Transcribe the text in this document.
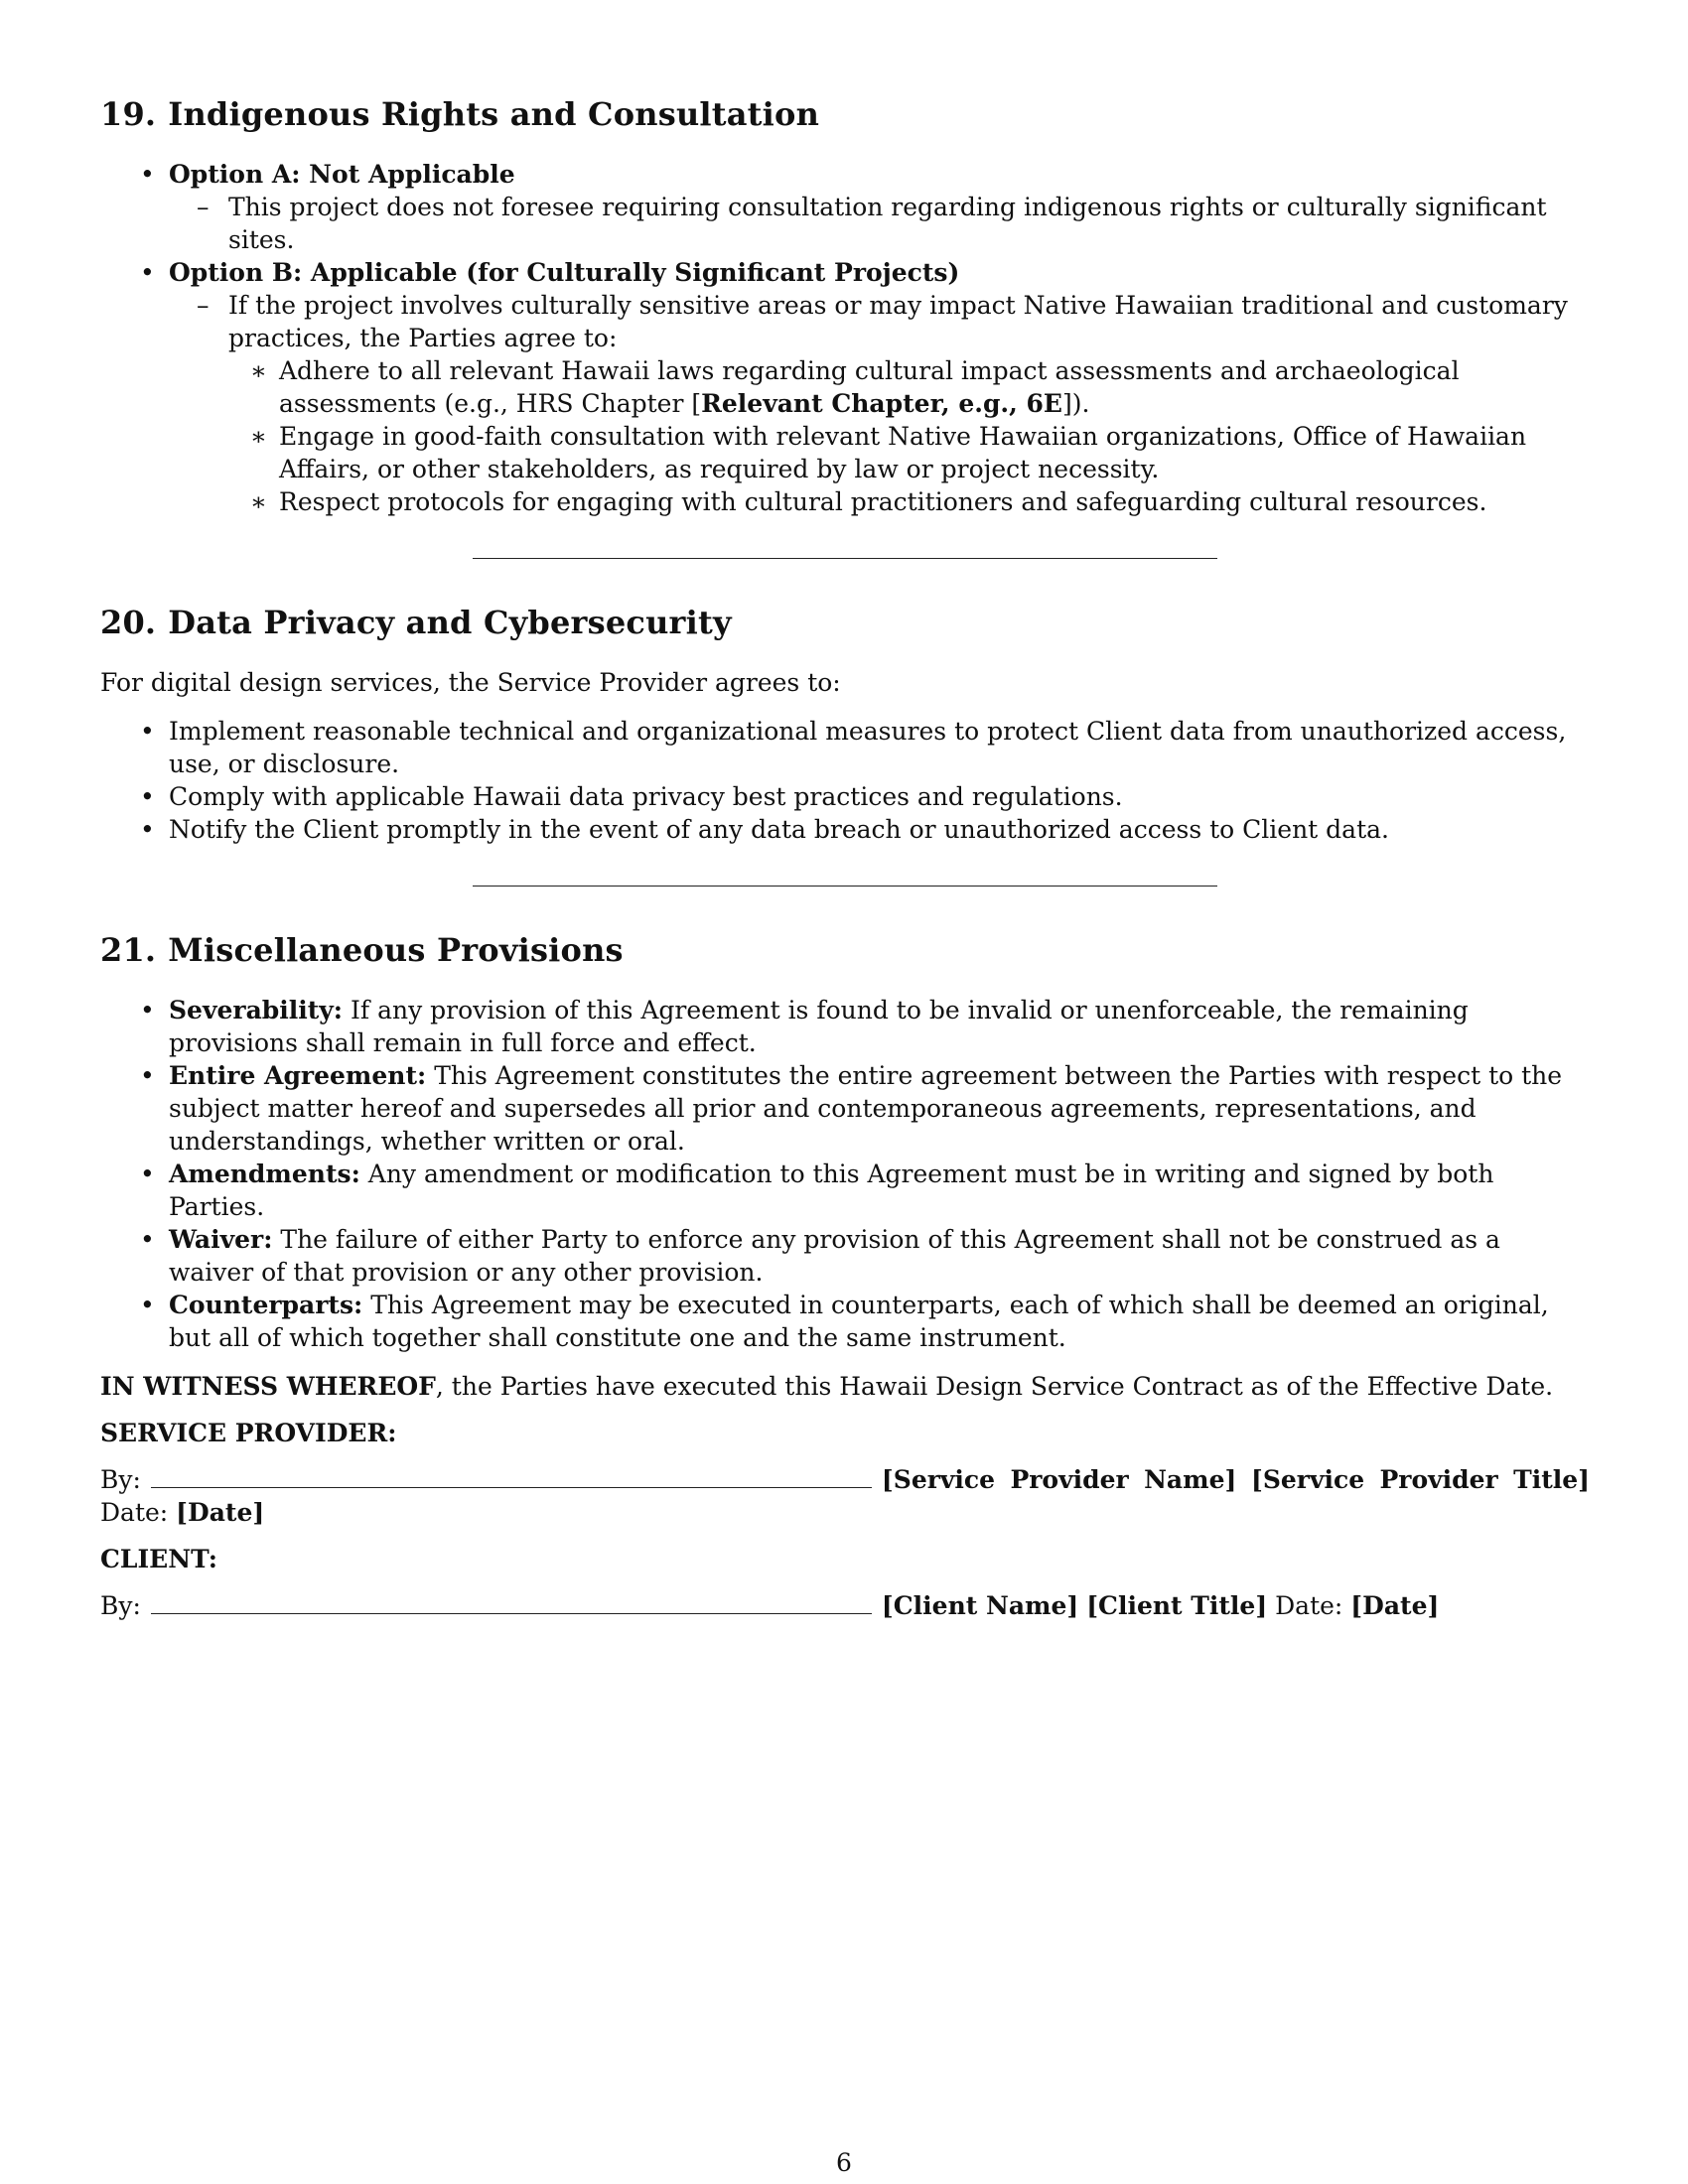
19. Indigenous Rights and Consultation
• Option A: Not Applicable
– This project does not foresee requiring consultation regarding indigenous rights or culturally significant sites.
• Option B: Applicable (for Culturally Significant Projects)
– If the project involves culturally sensitive areas or may impact Native Hawaiian traditional and customary practices, the Parties agree to:
∗ Adhere to all relevant Hawaii laws regarding cultural impact assessments and archaeological assessments (e.g., HRS Chapter [Relevant Chapter, e.g., 6E]).
∗ Engage in good-faith consultation with relevant Native Hawaiian organizations, Office of Hawaiian Affairs, or other stakeholders, as required by law or project necessity.
∗ Respect protocols for engaging with cultural practitioners and safeguarding cultural resources.
20. Data Privacy and Cybersecurity

For digital design services, the Service Provider agrees to:

• Implement reasonable technical and organizational measures to protect Client data from unauthorized access, use, or disclosure.
• Comply with applicable Hawaii data privacy best practices and regulations.
• Notify the Client promptly in the event of any data breach or unauthorized access to Client data.
21. Miscellaneous Provisions
• Severability: If any provision of this Agreement is found to be invalid or unenforceable, the remaining provisions shall remain in full force and effect.
• Entire Agreement: This Agreement constitutes the entire agreement between the Parties with respect to the subject matter hereof and supersedes all prior and contemporaneous agreements, representations, and understandings, whether written or oral.
• Amendments: Any amendment or modification to this Agreement must be in writing and signed by both Parties.
• Waiver: The failure of either Party to enforce any provision of this Agreement shall not be construed as a waiver of that provision or any other provision.
• Counterparts: This Agreement may be executed in counterparts, each of which shall be deemed an original, but all of which together shall constitute one and the same instrument.

IN WITNESS WHEREOF, the Parties have executed this Hawaii Design Service Contract as of the Effective Date.

SERVICE PROVIDER:

By:	[Service Provider Name] [Service Provider Title]

Date: [Date]

CLIENT:

By:	[Client Name] [Client Title] Date: [Date]

6
